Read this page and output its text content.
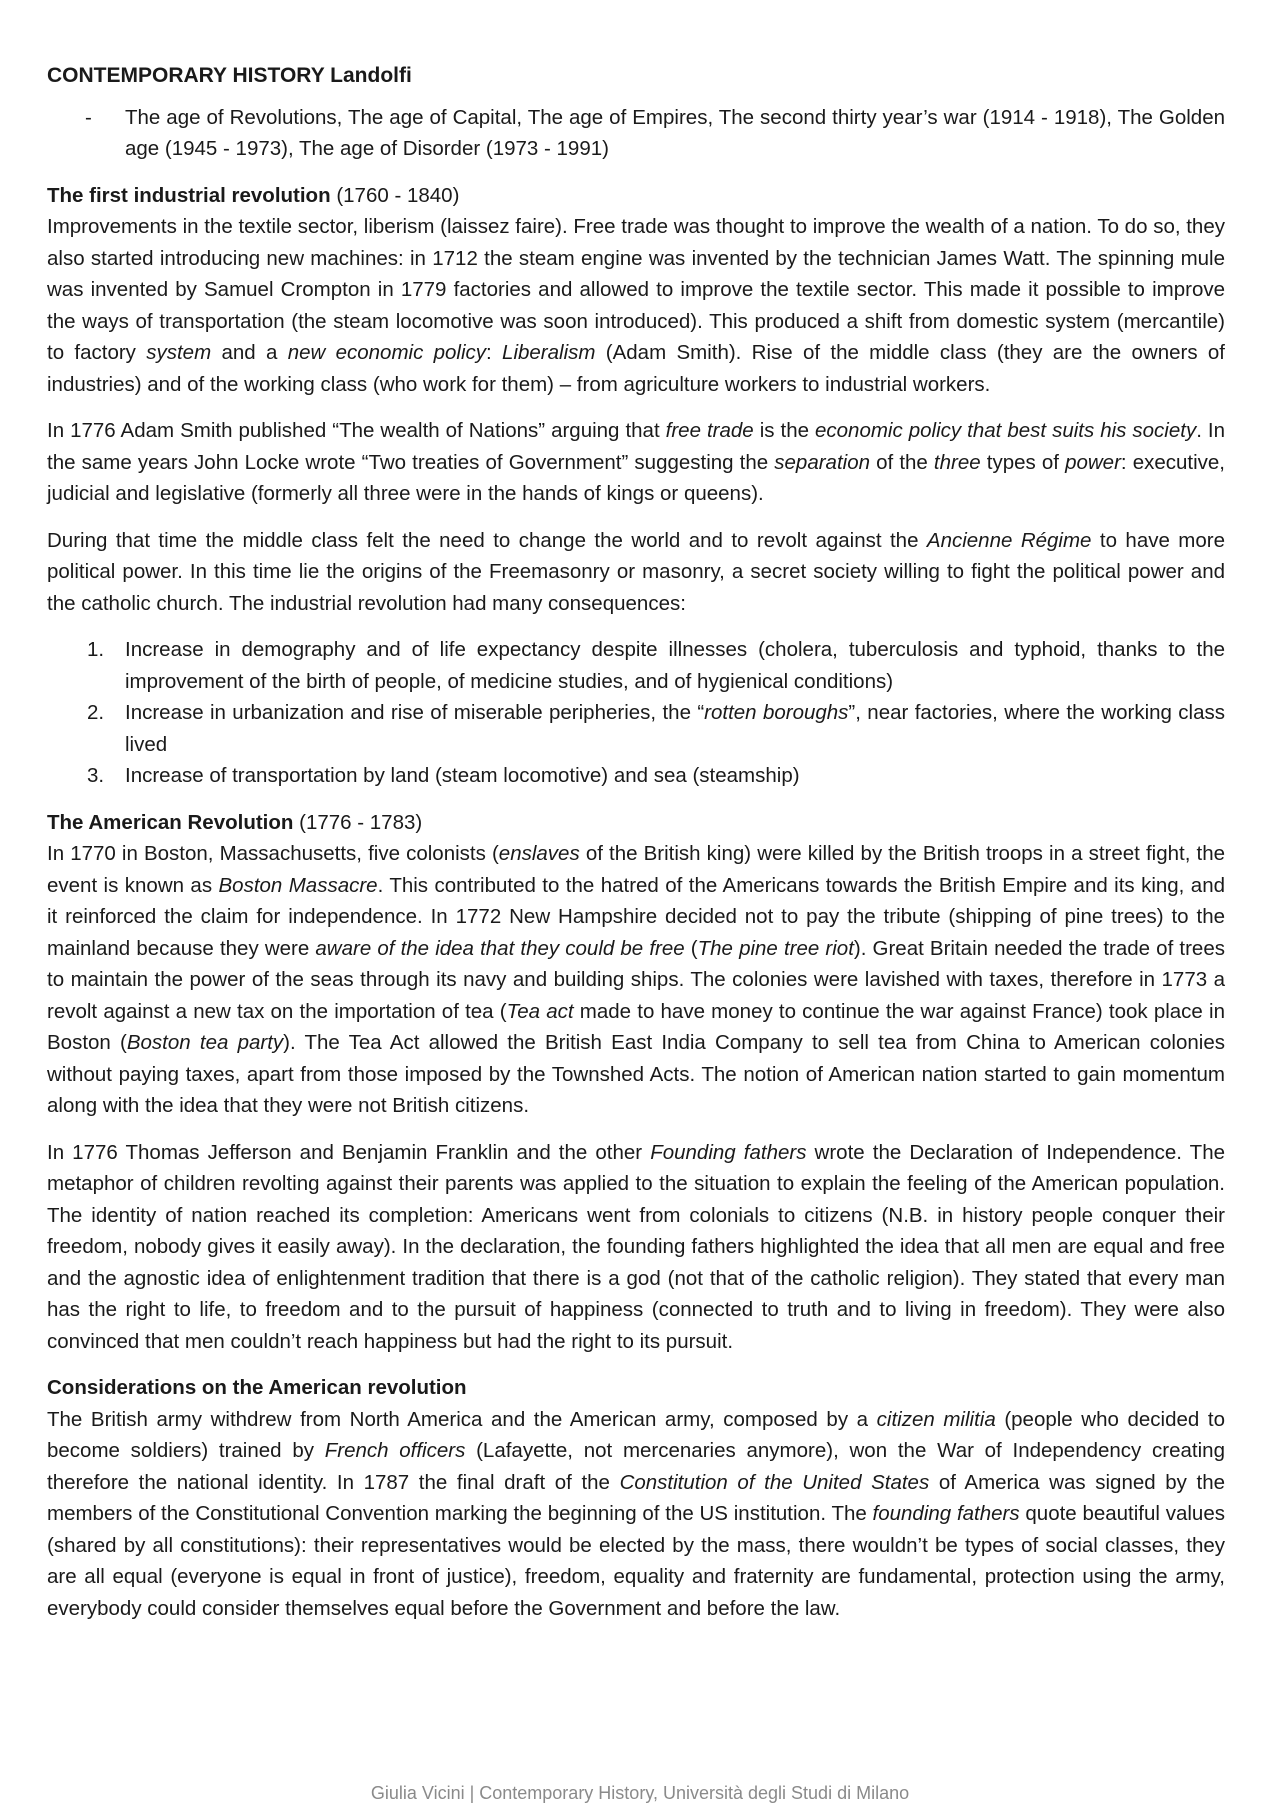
CONTEMPORARY HISTORY Landolfi
- The age of Revolutions, The age of Capital, The age of Empires, The second thirty year’s war (1914 - 1918), The Golden age (1945 - 1973), The age of Disorder (1973 - 1991)
The first industrial revolution (1760 - 1840)

Improvements in the textile sector, liberism (laissez faire). Free trade was thought to improve the wealth of a nation. To do so, they also started introducing new machines: in 1712 the steam engine was invented by the technician James Watt. The spinning mule was invented by Samuel Crompton in 1779 factories and allowed to improve the textile sector. This made it possible to improve the ways of transportation (the steam locomotive was soon introduced). This produced a shift from domestic system (mercantile) to factory system and a new economic policy: Liberalism (Adam Smith). Rise of the middle class (they are the owners of industries) and of the working class (who work for them) – from agriculture workers to industrial workers.

In 1776 Adam Smith published “The wealth of Nations” arguing that free trade is the economic policy that best suits his society. In the same years John Locke wrote “Two treaties of Government” suggesting the separation of the three types of power: executive, judicial and legislative (formerly all three were in the hands of kings or queens).

During that time the middle class felt the need to change the world and to revolt against the Ancienne Régime to have more political power. In this time lie the origins of the Freemasonry or masonry, a secret society willing to fight the political power and the catholic church. The industrial revolution had many consequences:

1. Increase in demography and of life expectancy despite illnesses (cholera, tuberculosis and typhoid, thanks to the improvement of the birth of people, of medicine studies, and of hygienical conditions)
2. Increase in urbanization and rise of miserable peripheries, the “rotten boroughs”, near factories, where the working class lived
3. Increase of transportation by land (steam locomotive) and sea (steamship)
The American Revolution (1776 - 1783)

In 1770 in Boston, Massachusetts, five colonists (enslaves of the British king) were killed by the British troops in a street fight, the event is known as Boston Massacre. This contributed to the hatred of the Americans towards the British Empire and its king, and it reinforced the claim for independence. In 1772 New Hampshire decided not to pay the tribute (shipping of pine trees) to the mainland because they were aware of the idea that they could be free (The pine tree riot). Great Britain needed the trade of trees to maintain the power of the seas through its navy and building ships. The colonies were lavished with taxes, therefore in 1773 a revolt against a new tax on the importation of tea (Tea act made to have money to continue the war against France) took place in Boston (Boston tea party). The Tea Act allowed the British East India Company to sell tea from China to American colonies without paying taxes, apart from those imposed by the Townshed Acts. The notion of American nation started to gain momentum along with the idea that they were not British citizens.

In 1776 Thomas Jefferson and Benjamin Franklin and the other Founding fathers wrote the Declaration of Independence. The metaphor of children revolting against their parents was applied to the situation to explain the feeling of the American population. The identity of nation reached its completion: Americans went from colonials to citizens (N.B. in history people conquer their freedom, nobody gives it easily away). In the declaration, the founding fathers highlighted the idea that all men are equal and free and the agnostic idea of enlightenment tradition that there is a god (not that of the catholic religion). They stated that every man has the right to life, to freedom and to the pursuit of happiness (connected to truth and to living in freedom). They were also convinced that men couldn’t reach happiness but had the right to its pursuit.

Considerations on the American revolution

The British army withdrew from North America and the American army, composed by a citizen militia (people who decided to become soldiers) trained by French officers (Lafayette, not mercenaries anymore), won the War of Independency creating therefore the national identity. In 1787 the final draft of the Constitution of the United States of America was signed by the members of the Constitutional Convention marking the beginning of the US institution. The founding fathers quote beautiful values (shared by all constitutions): their representatives would be elected by the mass, there wouldn’t be types of social classes, they are all equal (everyone is equal in front of justice), freedom, equality and fraternity are fundamental, protection using the army, everybody could consider themselves equal before the Government and before the law.

Giulia Vicini | Contemporary History, Università degli Studi di Milano
